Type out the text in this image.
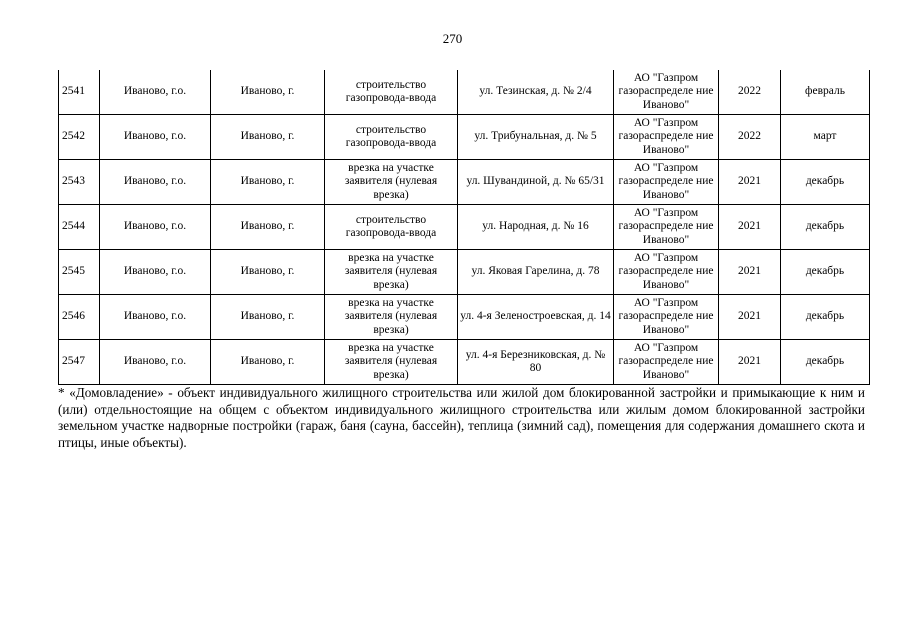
270
2541	Иваново, г.о.	Иваново, г.	строительство газопровода-ввода	ул. Тезинская, д. № 2/4	АО "Газпром газораспределе ние Иваново"	2022	февраль
2542	Иваново, г.о.	Иваново, г.	строительство газопровода-ввода	ул. Трибунальная, д. № 5	АО "Газпром газораспределе ние Иваново"	2022	март
2543	Иваново, г.о.	Иваново, г.	врезка на участке заявителя (нулевая врезка)	ул. Шувандиной, д. № 65/31	АО "Газпром газораспределе ние Иваново"	2021	декабрь
2544	Иваново, г.о.	Иваново, г.	строительство газопровода-ввода	ул. Народная, д. № 16	АО "Газпром газораспределе ние Иваново"	2021	декабрь
2545	Иваново, г.о.	Иваново, г.	врезка на участке заявителя (нулевая врезка)	ул. Яковая Гарелина, д. 78	АО "Газпром газораспределе ние Иваново"	2021	декабрь
2546	Иваново, г.о.	Иваново, г.	врезка на участке заявителя (нулевая врезка)	ул. 4-я Зеленостроевская, д. 14	АО "Газпром газораспределе ние Иваново"	2021	декабрь
2547	Иваново, г.о.	Иваново, г.	врезка на участке заявителя (нулевая врезка)	ул. 4-я Березниковская, д. № 80	АО "Газпром газораспределе ние Иваново"	2021	декабрь
* «Домовладение» - объект индивидуального жилищного строительства или жилой дом блокированной застройки и примыкающие к ним и (или) отдельностоящие на общем с объектом индивидуального жилищного строительства или жилым домом блокированной застройки земельном участке надворные постройки (гараж, баня (сауна, бассейн), теплица (зимний сад), помещения для содержания домашнего скота и птицы, иные объекты).
